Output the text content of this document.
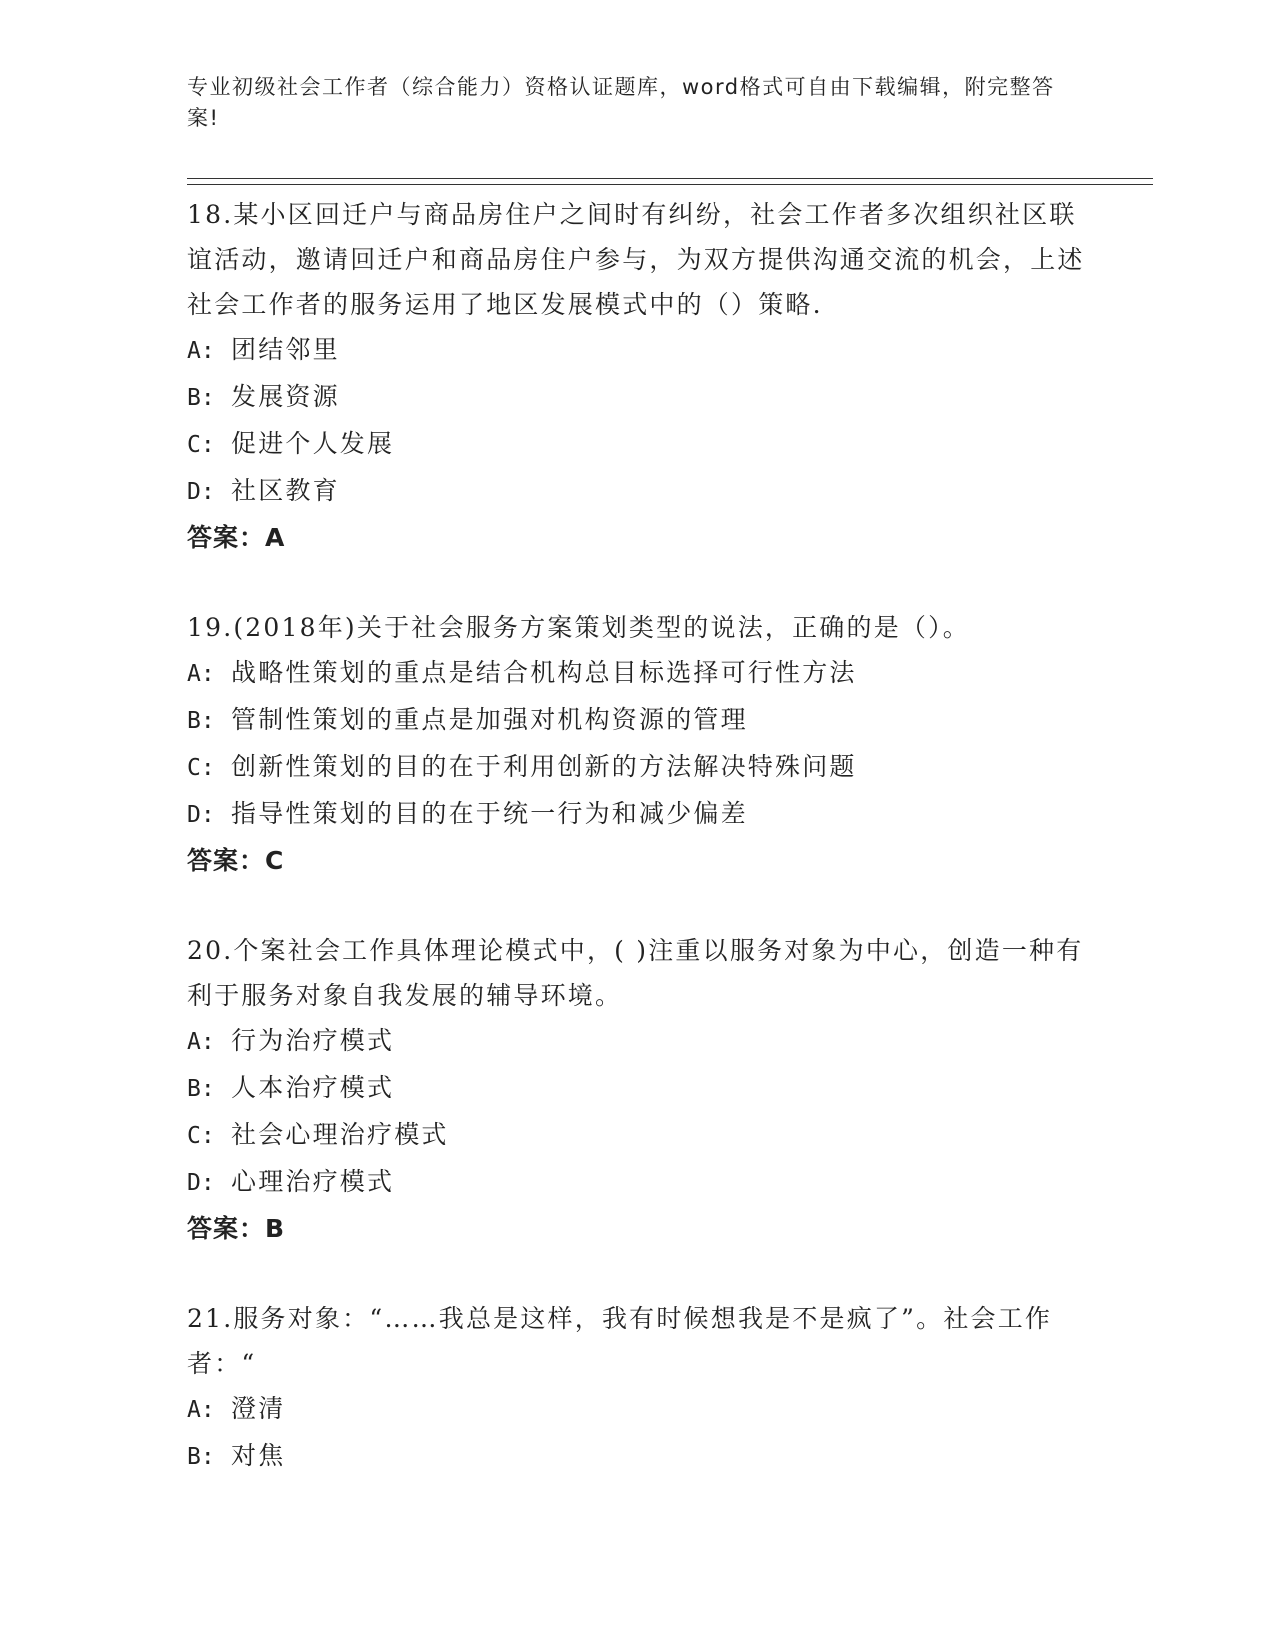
专业初级社会工作者（综合能力）资格认证题库，word格式可自由下载编辑，附完整答案!
18.某小区回迁户与商品房住户之间时有纠纷，社会工作者多次组织社区联谊活动，邀请回迁户和商品房住户参与，为双方提供沟通交流的机会，上述社会工作者的服务运用了地区发展模式中的（）策略.
A: 团结邻里
B: 发展资源
C: 促进个人发展
D: 社区教育
答案：A
19.(2018年)关于社会服务方案策划类型的说法，正确的是（）。
A: 战略性策划的重点是结合机构总目标选择可行性方法
B: 管制性策划的重点是加强对机构资源的管理
C: 创新性策划的目的在于利用创新的方法解决特殊问题
D: 指导性策划的目的在于统一行为和减少偏差
答案：C
20.个案社会工作具体理论模式中，( )注重以服务对象为中心，创造一种有利于服务对象自我发展的辅导环境。
A: 行为治疗模式
B: 人本治疗模式
C: 社会心理治疗模式
D: 心理治疗模式
答案：B
21.服务对象：“……我总是这样，我有时候想我是不是疯了”。社会工作者：“
A: 澄清
B: 对焦
